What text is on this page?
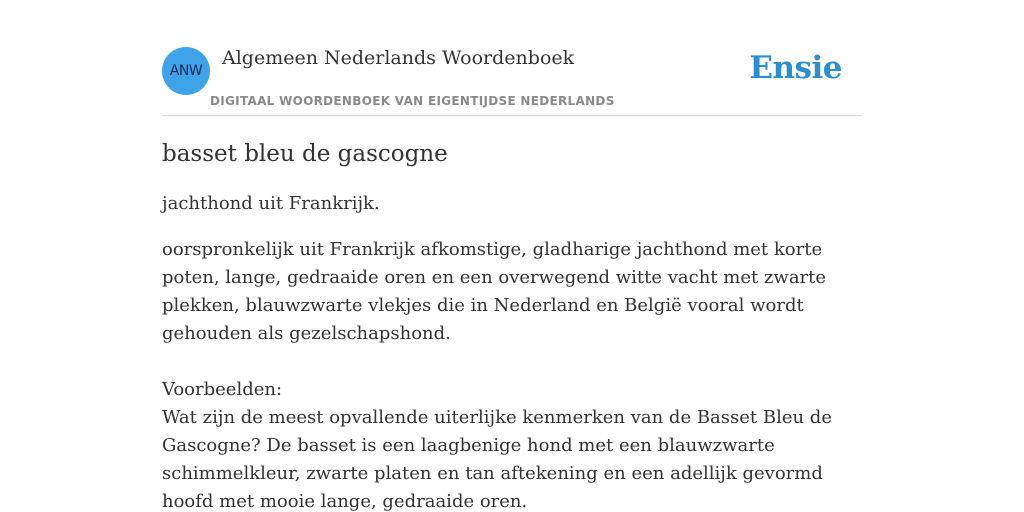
ANW
Algemeen Nederlands Woordenboek
DIGITAAL WOORDENBOEK VAN EIGENTIJDSE NEDERLANDS
Ensie
basset bleu de gascogne

jachthond uit Frankrijk.

oorspronkelijk uit Frankrijk afkomstige, gladharige jachthond met korte poten, lange, gedraaide oren en een overwegend witte vacht met zwarte plekken, blauwzwarte vlekjes die in Nederland en België vooral wordt gehouden als gezelschapshond.

Voorbeelden:

Wat zijn de meest opvallende uiterlijke kenmerken van de Basset Bleu de Gascogne? De basset is een laagbenige hond met een blauwzwarte schimmelkleur, zwarte platen en tan aftekening en een adellijk gevormd hoofd met mooie lange, gedraaide oren.
